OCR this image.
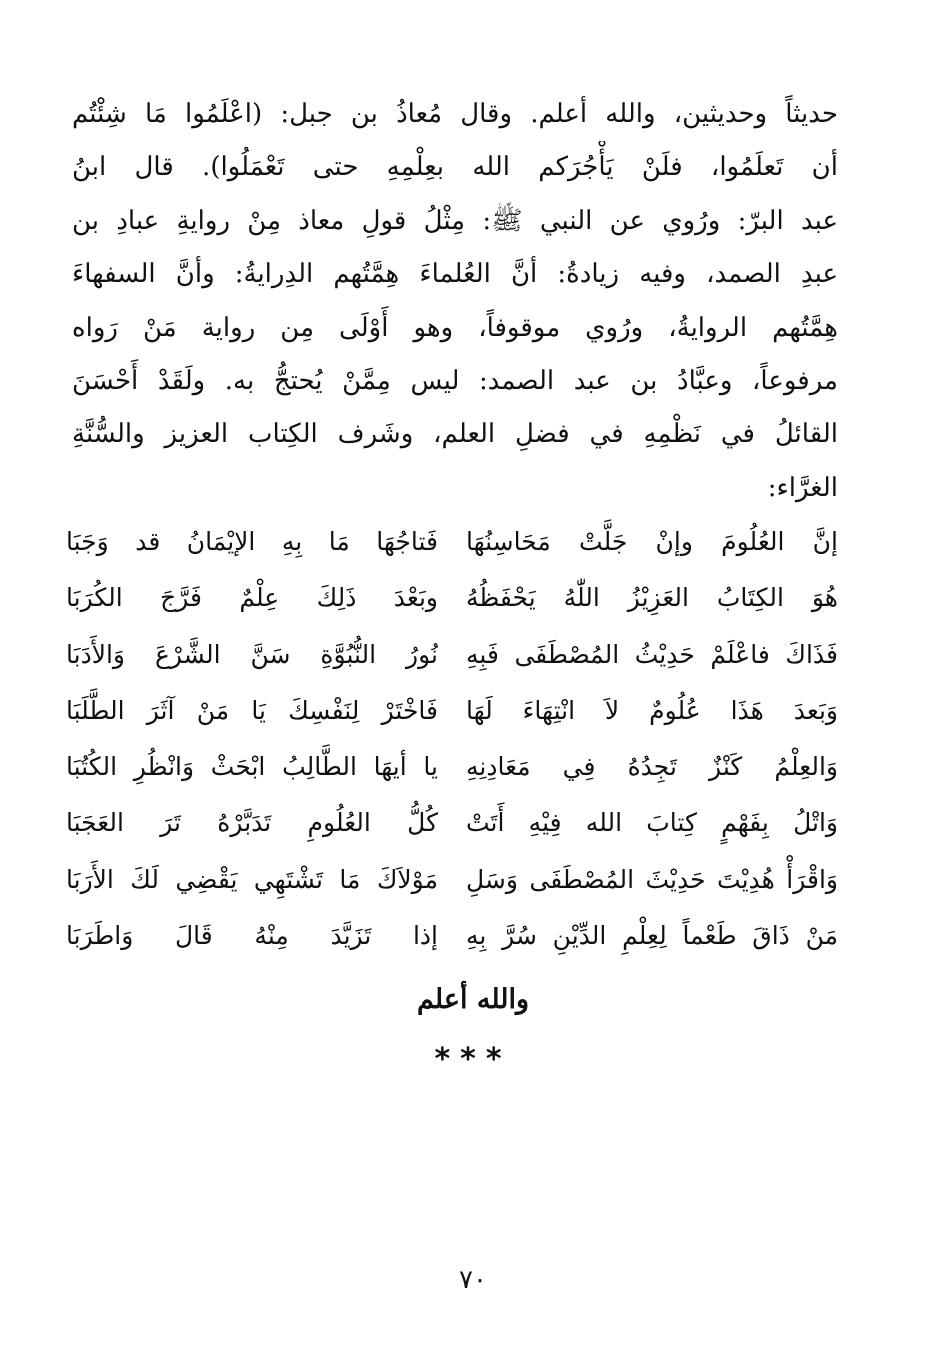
حديثاً وحديثين، والله أعلم. وقال مُعاذُ بن جبل: (اعْلَمُوا مَا شِئْتُم
أن تَعلَمُوا، فلَنْ يَأْجُرَكم الله بعِلْمِهِ حتى تَعْمَلُوا). قال ابنُ
عبد البرّ: ورُوي عن النبي ﷺ: مِثْلُ قولِ معاذ مِنْ روايةِ عبادِ بن
عبدِ الصمد، وفيه زيادةُ: أنَّ العُلماءَ هِمَّتُهم الدِرايةُ: وأنَّ السفهاءَ
هِمَّتُهم الروايةُ، ورُوي موقوفاً، وهو أَوْلَى مِن رواية مَنْ رَواه
مرفوعاً، وعبَّادُ بن عبد الصمد: ليس مِمَّنْ يُحتجُّ به. ولَقَدْ أَحْسَنَ
القائلُ في نَظْمِهِ في فضلِ العلم، وشَرف الكِتاب العزيز والسُّنَّةِ
الغرَّاء:
إنَّ العُلُومَ وإنْ جَلَّتْ مَحَاسِنُهَا
فَتاجُهَا مَا بِهِ الإيْمَانُ قد وَجَبَا
هُوَ الكِتَابُ العَزِيْزُ اللّٰهُ يَحْفَظُهُ
وبَعْدَ ذَلِكَ عِلْمٌ فَرَّجَ الكُرَبَا
فَذَاكَ فاعْلَمْ حَدِيْثُ المُصْطَفَى فَبِهِ
نُورُ النُّبُوَّةِ سَنَّ الشَّرْعَ وَالأَدَبَا
وَبَعدَ هَذَا عُلُومٌ لاَ انْتِهَاءَ لَهَا
فَاخْتَرْ لِنَفْسِكَ يَا مَنْ آثَرَ الطَّلَبَا
وَالعِلْمُ كَنْزٌ تَجِدُهُ فِي مَعَادِنِهِ
يا أيهَا الطَّالِبُ ابْحَثْ وَانْظُرِ الكُتُبَا
وَاتْلُ بِفَهْمٍ كِتابَ الله فِيْهِ أَتَتْ
كُلُّ العُلُومِ تَدَبَّرْهُ تَرَ العَجَبَا
وَاقْرَأْ هُدِيْتَ حَدِيْثَ المُصْطَفَى وَسَلِ
مَوْلاَكَ مَا تَشْتَهِي يَقْضِي لَكَ الأَرَبَا
مَنْ ذَاقَ طَعْماً لِعِلْمِ الدِّيْنِ سُرَّ بِهِ
إذا تَزَيَّدَ مِنْهُ قَالَ وَاطَرَبَا
والله أعلم
***
٧٠
